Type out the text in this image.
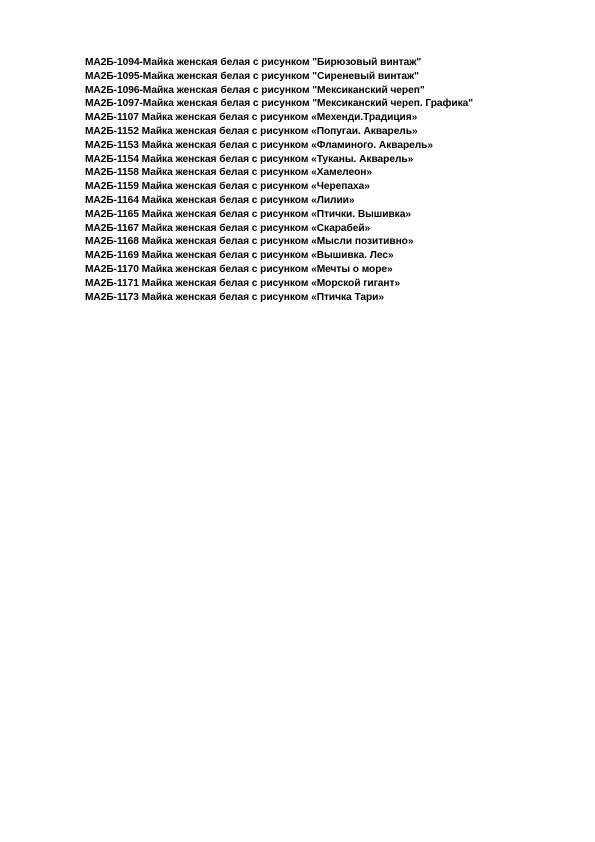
МА2Б-1094-Майка женская белая с рисунком "Бирюзовый винтаж"
МА2Б-1095-Майка женская белая с рисунком "Сиреневый винтаж"
МА2Б-1096-Майка женская белая с рисунком "Мексиканский череп"
МА2Б-1097-Майка женская белая с рисунком "Мексиканский череп. Графика"
МА2Б-1107 Майка женская белая с рисунком «Мехенди.Традиция»
МА2Б-1152 Майка женская белая с рисунком «Попугаи. Акварель»
МА2Б-1153 Майка женская белая с рисунком «Фламиного. Акварель»
МА2Б-1154 Майка женская белая с рисунком «Туканы. Акварель»
МА2Б-1158 Майка женская белая с рисунком «Хамелеон»
МА2Б-1159 Майка женская белая с рисунком «Черепаха»
МА2Б-1164 Майка женская белая с рисунком «Лилии»
МА2Б-1165 Майка женская белая с рисунком «Птички. Вышивка»
МА2Б-1167 Майка женская белая с рисунком «Скарабей»
МА2Б-1168 Майка женская белая с рисунком «Мысли позитивно»
МА2Б-1169 Майка женская белая с рисунком «Вышивка. Лес»
МА2Б-1170 Майка женская белая с рисунком «Мечты о море»
МА2Б-1171 Майка женская белая с рисунком «Морской гигант»
МА2Б-1173 Майка женская белая с рисунком «Птичка Тари»
